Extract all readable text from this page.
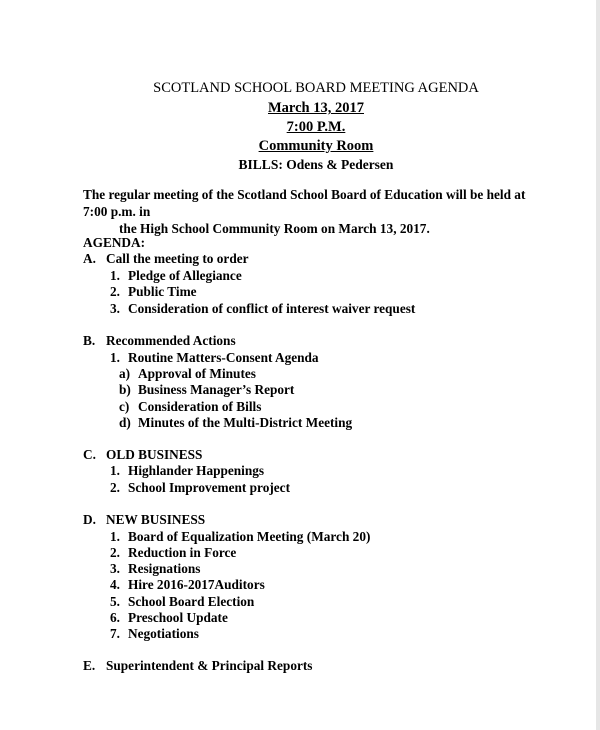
SCOTLAND SCHOOL BOARD MEETING AGENDA
March 13, 2017
7:00 P.M.
Community Room
BILLS: Odens & Pedersen
The regular meeting of the Scotland School Board of Education will be held at 7:00 p.m. in
the High School Community Room on March 13, 2017.
AGENDA:
A. Call the meeting to order
1. Pledge of Allegiance
2. Public Time
3. Consideration of conflict of interest waiver request
B. Recommended Actions
1. Routine Matters-Consent Agenda
a) Approval of Minutes
b) Business Manager’s Report
c) Consideration of Bills
d) Minutes of the Multi-District Meeting
C. OLD BUSINESS
1. Highlander Happenings
2. School Improvement project
D. NEW BUSINESS
1. Board of Equalization Meeting (March 20)
2. Reduction in Force
3. Resignations
4. Hire 2016-2017Auditors
5. School Board Election
6. Preschool Update
7. Negotiations
E. Superintendent & Principal Reports
